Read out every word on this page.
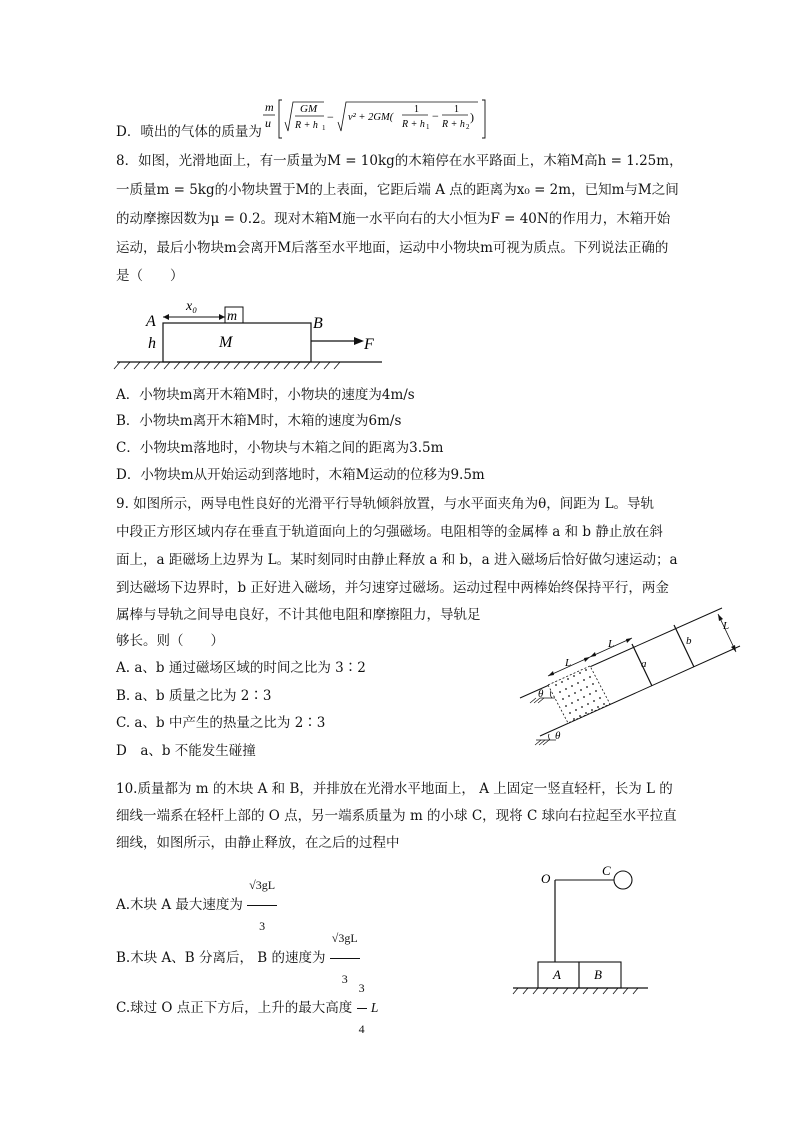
D．喷出的气体的质量为
m
u
GM
R + h 1
− v² + 2GM(
1
R + h 1
− 1
R + h 2
)
8．如图，光滑地面上，有一质量为M = 10kg的木箱停在水平路面上，木箱M高h = 1.25m，
一质量m = 5kg的小物块置于M的上表面，它距后端 A 点的距离为x₀ = 2m，已知m与M之间
的动摩擦因数为μ = 0.2。现对木箱M施一水平向右的大小恒为F = 40N的作用力，木箱开始
运动，最后小物块m会离开M后落至水平地面，运动中小物块m可视为质点。下列说法正确的
是（　　）
x₀
m
A
h	M
B
F
A．小物块m离开木箱M时，小物块的速度为4m/s
B．小物块m离开木箱M时，木箱的速度为6m/s
C．小物块m落地时，小物块与木箱之间的距离为3.5m
D．小物块m从开始运动到落地时，木箱M运动的位移为9.5m
9. 如图所示，两导电性良好的光滑平行导轨倾斜放置，与水平面夹角为θ，间距为 L。导轨
中段正方形区域内存在垂直于轨道面向上的匀强磁场。电阻相等的金属棒 a 和 b 静止放在斜
面上，a 距磁场上边界为 L。某时刻同时由静止释放 a 和 b，a 进入磁场后恰好做匀速运动；a
到达磁场下边界时，b 正好进入磁场，并匀速穿过磁场。运动过程中两棒始终保持平行，两金
属棒与导轨之间导电良好，不计其他电阻和摩擦阻力，导轨足
够长。则（　　）
A. a、b 通过磁场区域的时间之比为 3∶2
B. a、b 质量之比为 2∶3
C. a、b 中产生的热量之比为 2∶3
D　a、b 不能发生碰撞
θ
θ
L
L
L
a
b
10.质量都为 m 的木块 A 和 B，并排放在光滑水平地面上， A 上固定一竖直轻杆，长为 L 的
细线一端系在轻杆上部的 O 点，另一端系质量为 m 的小球 C，现将 C 球向右拉起至水平拉直
细线，如图所示，由静止释放，在之后的过程中
A.木块 A 最大速度为 $\frac{√3gL}{3}$
B.木块 A、B 分离后， B 的速度为 $\frac{√3gL}{3}$
C.球过 O 点正下方后，上升的最大高度 $\frac{3}{4}$ L
O
C
A	B
